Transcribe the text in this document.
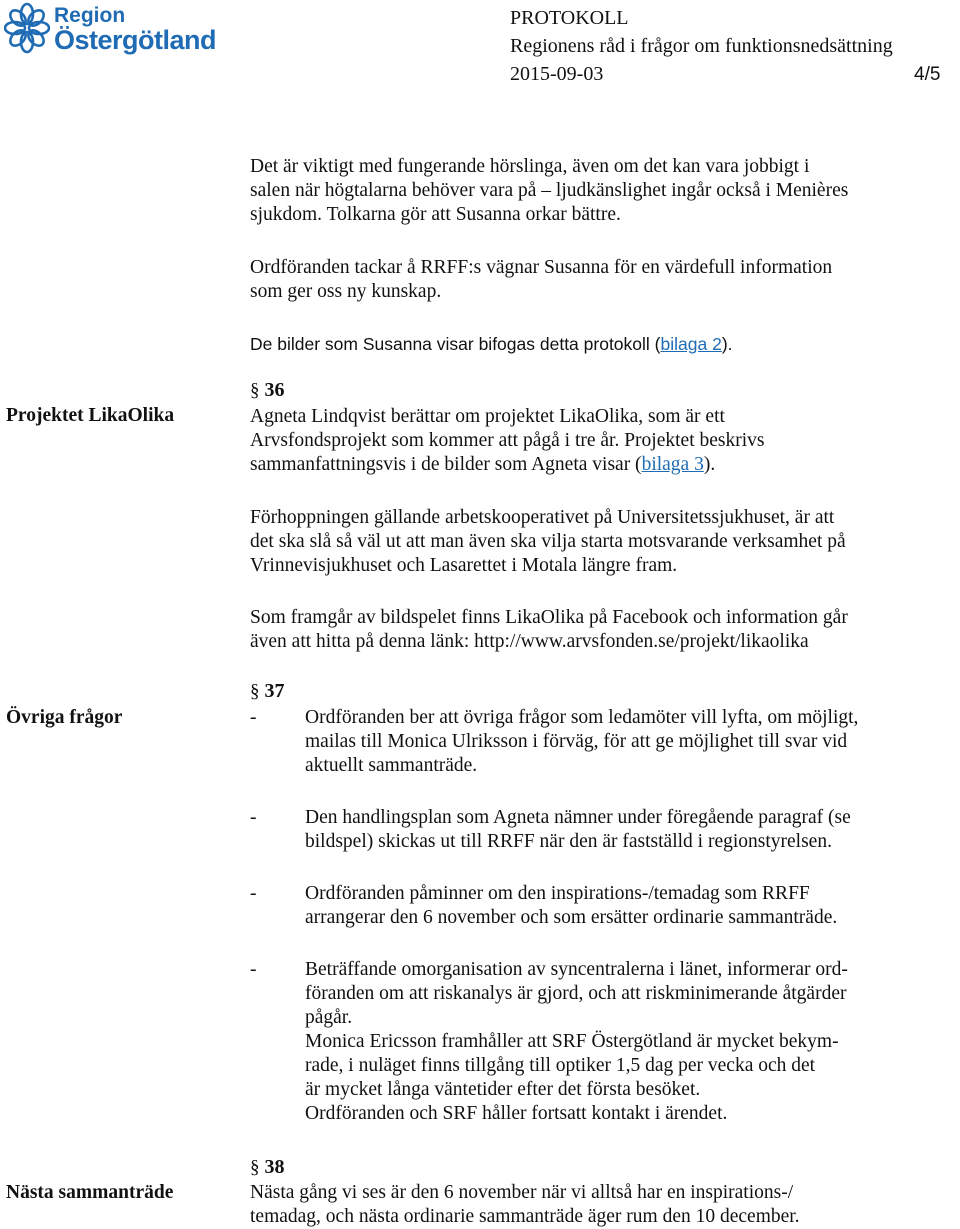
Region
Östergötland
PROTOKOLL
Regionens råd i frågor om funktionsnedsättning
2015-09-03	4/5
Det är viktigt med fungerande hörslinga, även om det kan vara jobbigt i
salen när högtalarna behöver vara på – ljudkänslighet ingår också i Menières
sjukdom. Tolkarna gör att Susanna orkar bättre.
Ordföranden tackar å RRFF:s vägnar Susanna för en värdefull information
som ger oss ny kunskap.
De bilder som Susanna visar bifogas detta protokoll (bilaga 2).
§ 36
Projektet LikaOlika	Agneta Lindqvist berättar om projektet LikaOlika, som är ett
Arvsfondsprojekt som kommer att pågå i tre år. Projektet beskrivs
sammanfattningsvis i de bilder som Agneta visar (bilaga 3).
Förhoppningen gällande arbetskooperativet på Universitetssjukhuset, är att
det ska slå så väl ut att man även ska vilja starta motsvarande verksamhet på
Vrinnevisjukhuset och Lasarettet i Motala längre fram.
Som framgår av bildspelet finns LikaOlika på Facebook och information går
även att hitta på denna länk: http://www.arvsfonden.se/projekt/likaolika
§ 37
Övriga frågor	- Ordföranden ber att övriga frågor som ledamöter vill lyfta, om möjligt,
mailas till Monica Ulriksson i förväg, för att ge möjlighet till svar vid
aktuellt sammanträde.
- Den handlingsplan som Agneta nämner under föregående paragraf (se
bildspel) skickas ut till RRFF när den är fastställd i regionstyrelsen.
- Ordföranden påminner om den inspirations-/temadag som RRFF
arrangerar den 6 november och som ersätter ordinarie sammanträde.
- Beträffande omorganisation av syncentralerna i länet, informerar ord-
föranden om att riskanalys är gjord, och att riskminimerande åtgärder
pågår.
Monica Ericsson framhåller att SRF Östergötland är mycket bekym-
rade, i nuläget finns tillgång till optiker 1,5 dag per vecka och det
är mycket långa väntetider efter det första besöket.
Ordföranden och SRF håller fortsatt kontakt i ärendet.
§ 38
Nästa sammanträde	Nästa gång vi ses är den 6 november när vi alltså har en inspirations-/
temadag, och nästa ordinarie sammanträde äger rum den 10 december.
